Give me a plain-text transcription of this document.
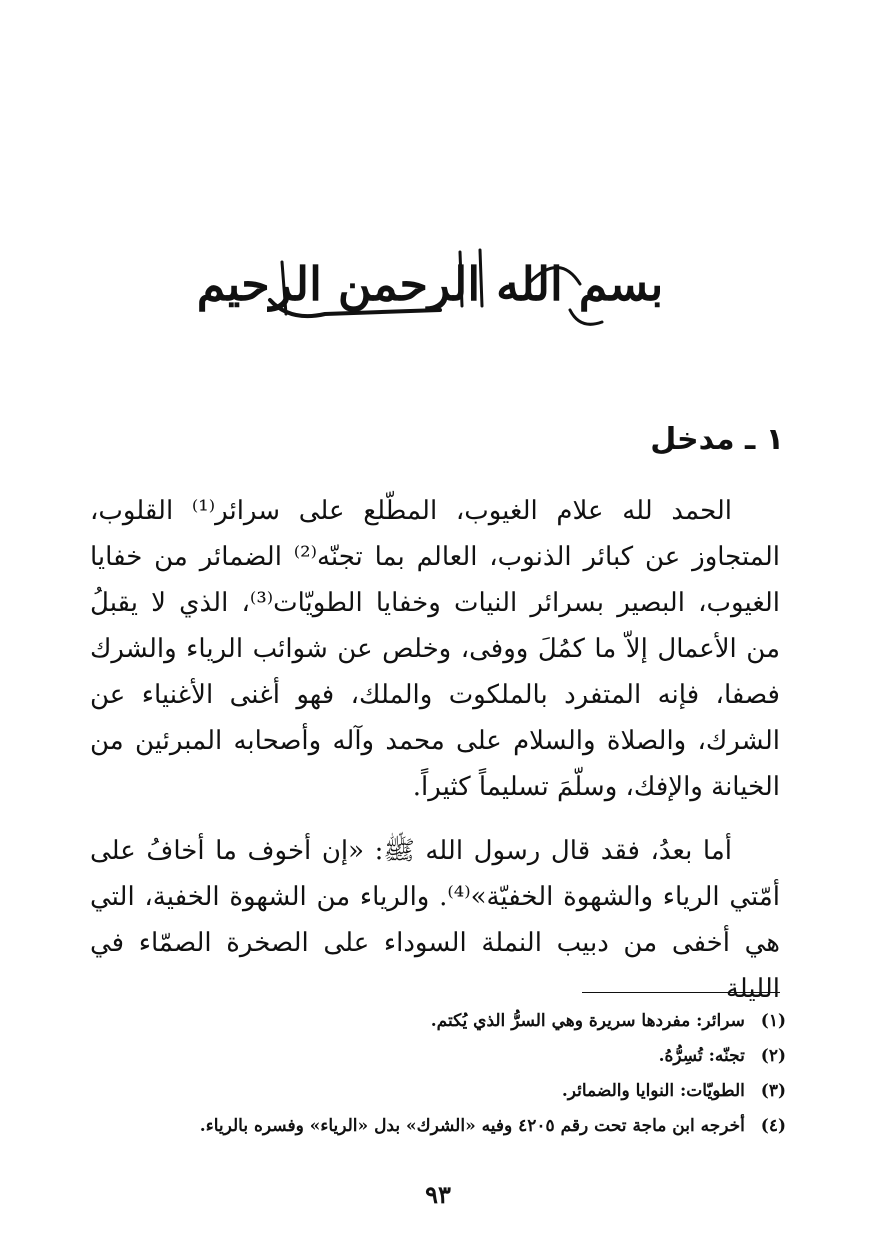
بسم الله الرحمن الرحيم
١ ـ مدخل

الحمد لله علام الغيوب، المطّلع على سرائر⁽¹⁾ القلوب، المتجاوز عن كبائر الذنوب، العالم بما تجنّه⁽²⁾ الضمائر من خفايا الغيوب، البصير بسرائر النيات وخفايا الطويّات⁽³⁾، الذي لا يقبلُ من الأعمال إلاّ ما كمُلَ ووفى، وخلص عن شوائب الرياء والشرك فصفا، فإنه المتفرد بالملكوت والملك، فهو أغنى الأغنياء عن الشرك، والصلاة والسلام على محمد وآله وأصحابه المبرئين من الخيانة والإفك، وسلّمَ تسليماً كثيراً.

أما بعدُ، فقد قال رسول الله ﷺ: «إن أخوف ما أخافُ على أمّتي الرياء والشهوة الخفيّة»⁽⁴⁾. والرياء من الشهوة الخفية، التي هي أخفى من دبيب النملة السوداء على الصخرة الصمّاء في الليلة

(١) سرائر: مفردها سريرة وهي السرُّ الذي يُكتم.
(٢) تجنّه: تُسِرُّهُ.
(٣) الطويّات: النوايا والضمائر.
(٤) أخرجه ابن ماجة تحت رقم ٤٢٠٥ وفيه «الشرك» بدل «الرياء» وفسره بالرياء.
٩٣
